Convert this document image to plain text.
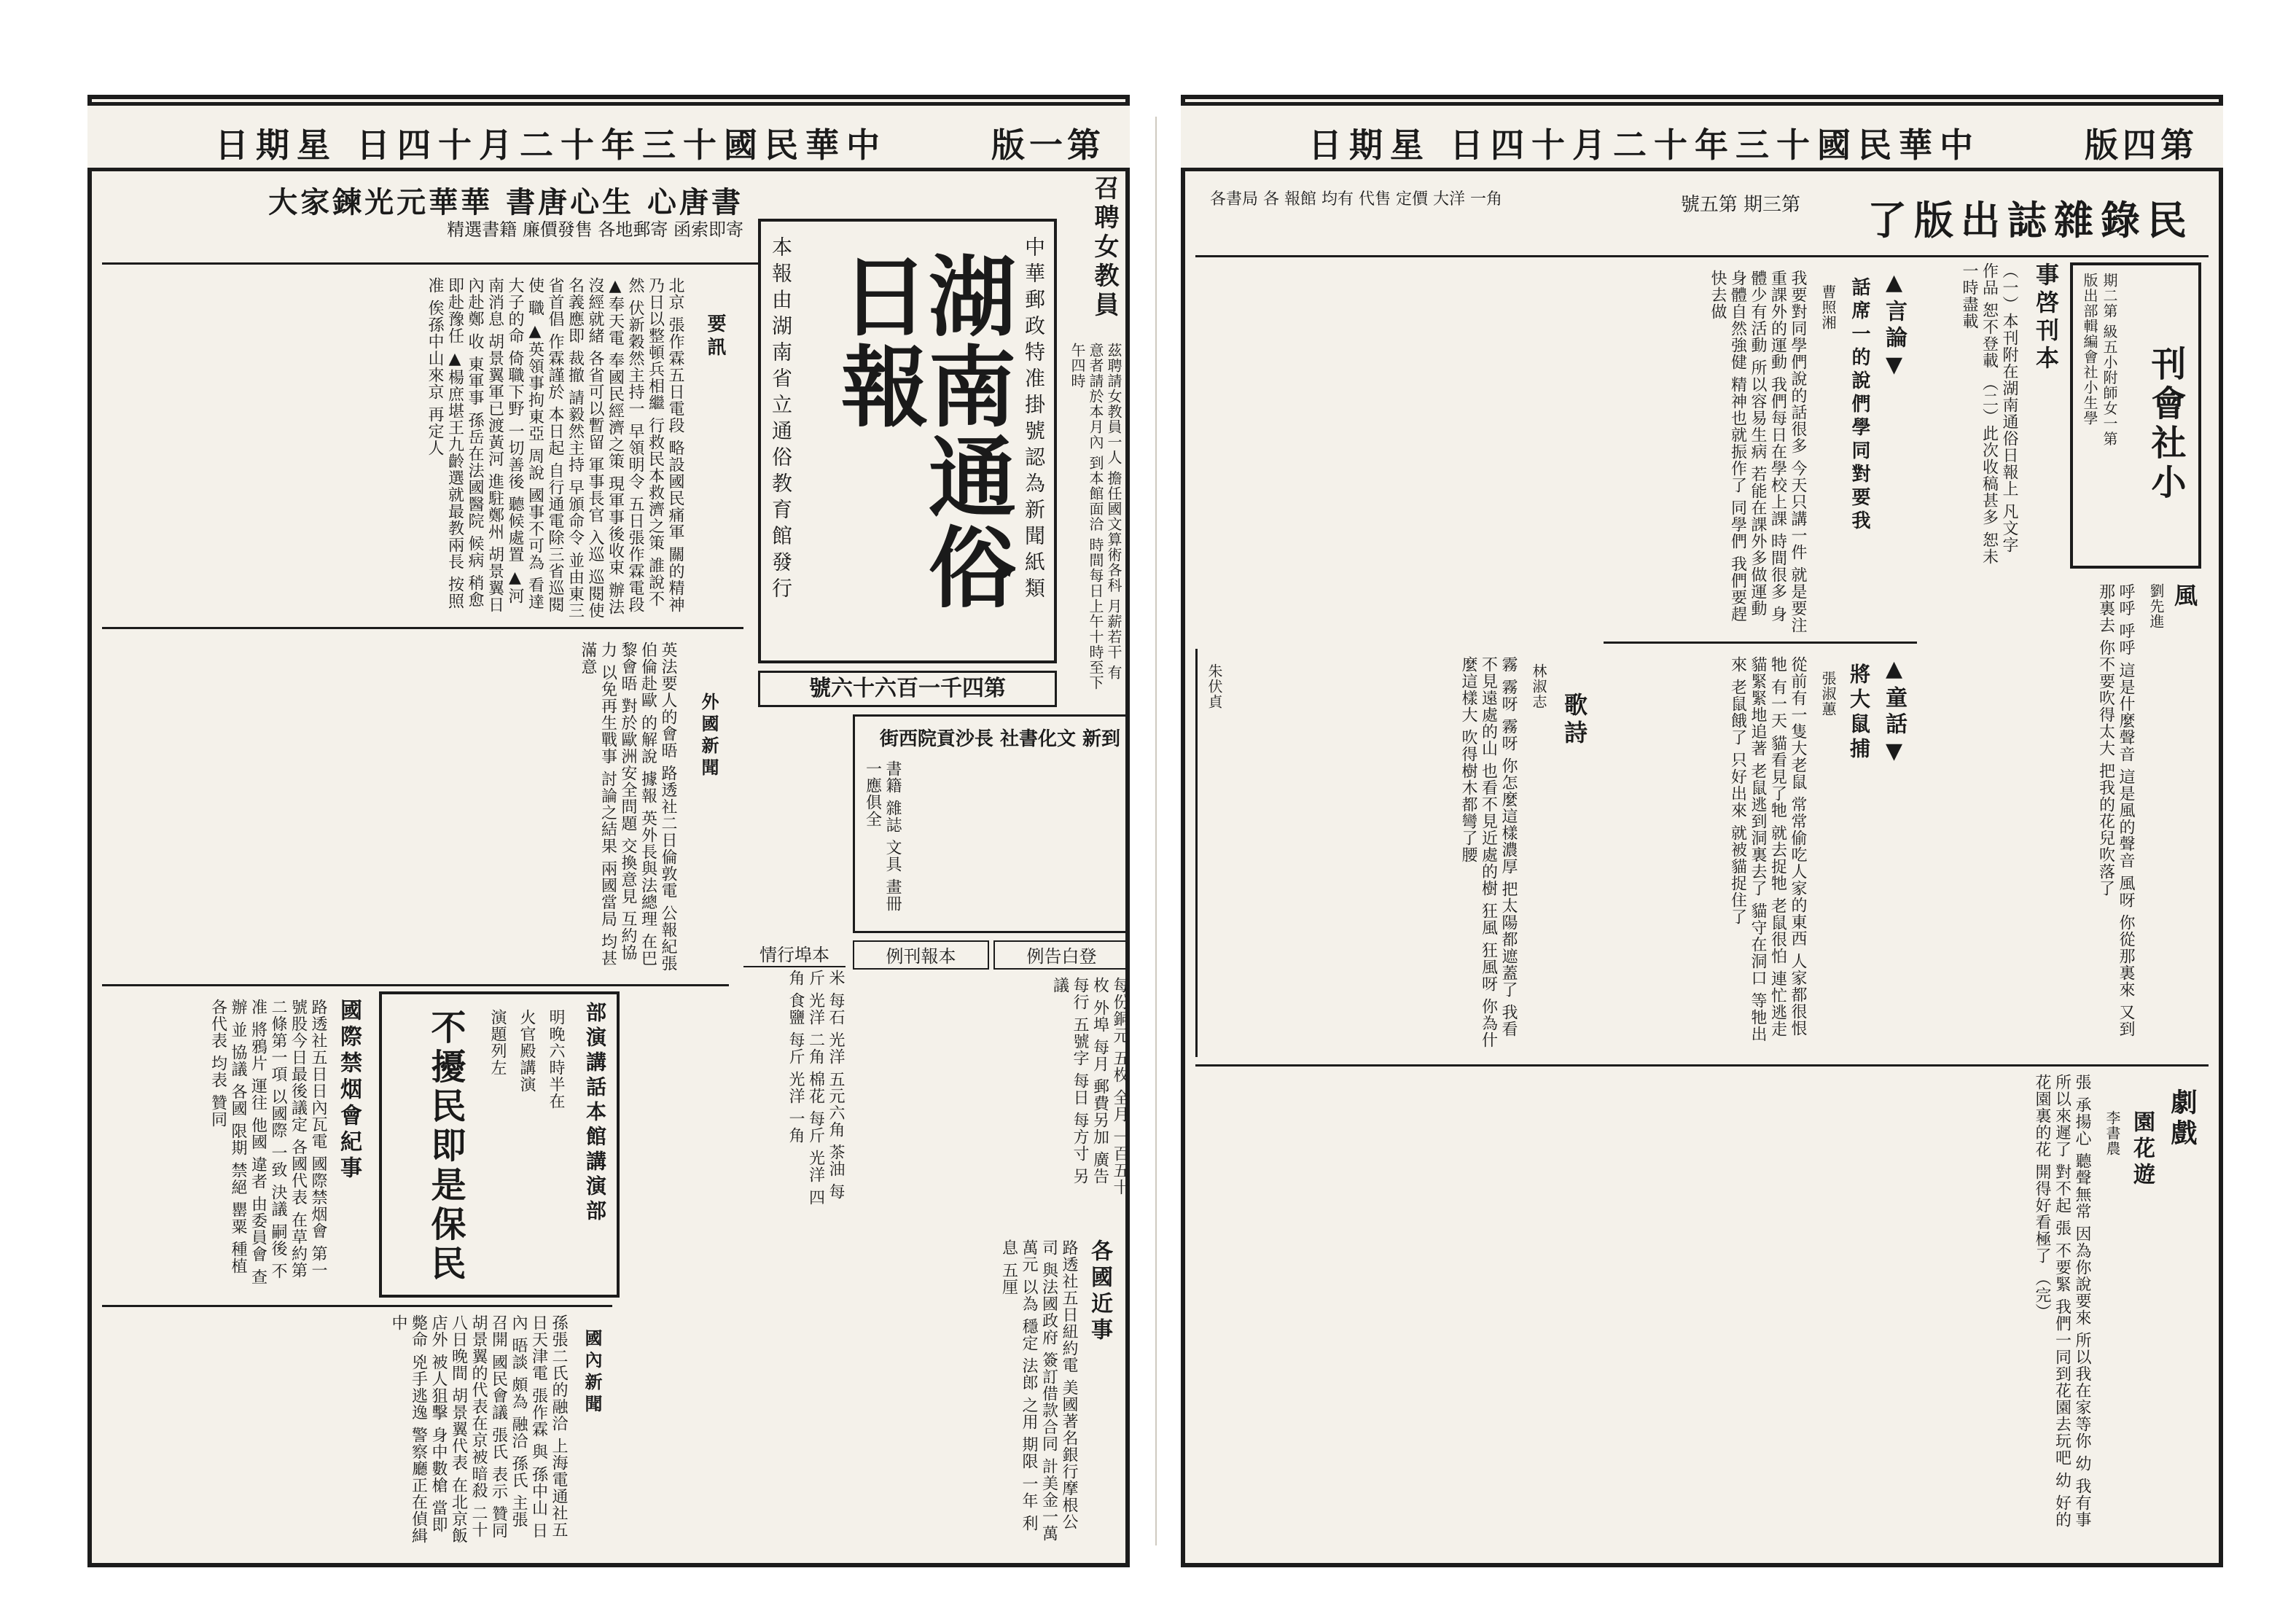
日期星 日四十月二十年三十國民華中	版一第
大家鍊光元華華 書唐心生 心唐書
精選書籍 廉價發售 各地郵寄 函索即寄
要訊
北京 張作霖五日電段 略設國民痛軍 關的精神 乃日以整頓兵相繼 行救民本救濟之策 誰說不然 伏新穀然主持一 早領明令 五日張作霖電段 ▲奉天電 奉國民經濟之策 現軍事後收束 辦法 沒經就緒 各省可以暫留 軍事長官 入巡 巡閱使名義應即 裁撤 請毅然主持 早頒命令 並由東三省首倡 作霖謹於 本日起 自行通電除三省巡閱使 職 ▲英領事拘東亞 周說 國事不可為 看達大子的命 倚職下野 一切善後 聽候處置 ▲河南消息 胡景翼軍已渡黃河 進駐鄭州 胡景翼日內赴鄭 收 東軍事 孫岳在法國醫院 候病 稍愈 即赴豫任 ▲楊庶堪王九齡選就最教兩長 按照准 俟孫中山來京 再定人	中華郵政特准掛號認為新聞紙類
湖南通俗日報
本報由湖南省立通俗教育館發行
號六十六百一千四第
召聘女教員
茲聘請女教員一人 擔任國文算術各科 月薪若干 有意者請於本月內 到本館面洽 時間每日上午十時至下午四時
街西院貢沙長 社書化文 新到
書籍 雜誌 文具 畫冊 一應俱全
例刊報本	例告白登
每份銅元 五枚 全月 一百五十枚 外埠 每月 郵費另加 廣告 每行 五號字 每日 每方寸 另議
情行埠本
米 每石 光洋 五元六角 茶油 每斤 光洋 二角 棉花 每斤 光洋 四角 食鹽 每斤 光洋 一角
外國新聞
英法要人的會晤 路透社二日倫敦電 公報紀張伯倫赴歐 的解說 據報 英外長與法總理 在巴黎會晤 對於歐洲安全問題 交換意見 互約協力 以免再生戰事 討論之結果 兩國當局 均甚滿意
部演講話本館講演部
明晚六時半在
火官殿講演
演題列左
不擾民即是保民
國際禁烟會紀事
路透社五日日內瓦電 國際禁烟會 第一號股今日最後議定 各國代表 在草約第二條第一項 以國際 一致 決議 嗣後 不准 將鴉片 運往 他國 違者 由委員會 查辦 並 協議 各國 限期 禁絕 罌粟 種植 各代表 均表 贊同
國內新聞
孫張二氏的融洽 上海電通社五日天津電 張作霖 與 孫中山 日內 晤談 頗為 融洽 孫氏 主張 召開 國民會議 張氏 表示 贊同 胡景翼的代表在京被暗殺 二十八日晚間 胡景翼代表 在北京飯店外 被人狙擊 身中數槍 當即斃命 兇手逃逸 警察廳正在偵緝中	各國近事
路透社五日紐約電 美國著名銀行摩根公司 與法國政府 簽訂借款合同 計美金一萬萬元 以為 穩定 法郎 之用 期限 一年 利息 五厘
日期星 日四十月二十年三十國民華中	版四第
了版出誌雜錄民
號五第 期三第
各書局 各 報館 均有 代售 定價 大洋 一角
刊會社小
期二第 級五小附師女一第
版出部輯編會社小生學
事啓刊本
（一）本刊附在湖南通俗日報上 凡文字 作品 恕不登載 （二）此次收稿甚多 恕未一時盡載
▲言論▼
話席一的說們學同對要我
曹照湘
我要對同學們說的話很多 今天只講一件 就是要注重課外的運動 我們每日在學校上課 時間很多 身體少有活動 所以容易生病 若能在課外多做運動 身體自然強健 精神也就振作了 同學們 我們要趕快去做
▲童話▼
將大鼠捕
張淑蕙
從前有一隻大老鼠 常常偷吃人家的東西 人家都很恨牠 有一天 貓看見了牠 就去捉牠 老鼠很怕 連忙逃走 貓緊緊地追著 老鼠逃到洞裏去了 貓守在洞口 等牠出來 老鼠餓了 只好出來 就被貓捉住了
歌詩
林淑志
霧 霧呀 霧呀 你怎麼這樣濃厚 把太陽都遮蓋了 我看不見遠處的山 也看不見近處的樹 狂風 狂風呀 你為什麼這樣大 吹得樹木都彎了腰
朱伏貞
風
劉先進
呼呼 呼呼 這是什麼聲音 這是風的聲音 風呀 你從那裏來 又到那裏去 你不要吹得太大 把我的花兒吹落了
劇戲
園花遊
李書農
張 承揚心 聽聲無常 因為你說要來 所以我在家等你 幼 我有事 所以來遲了 對不起 張 不要緊 我們一同到花園去玩吧 幼 好的 花園裏的花 開得好看極了 （完）
